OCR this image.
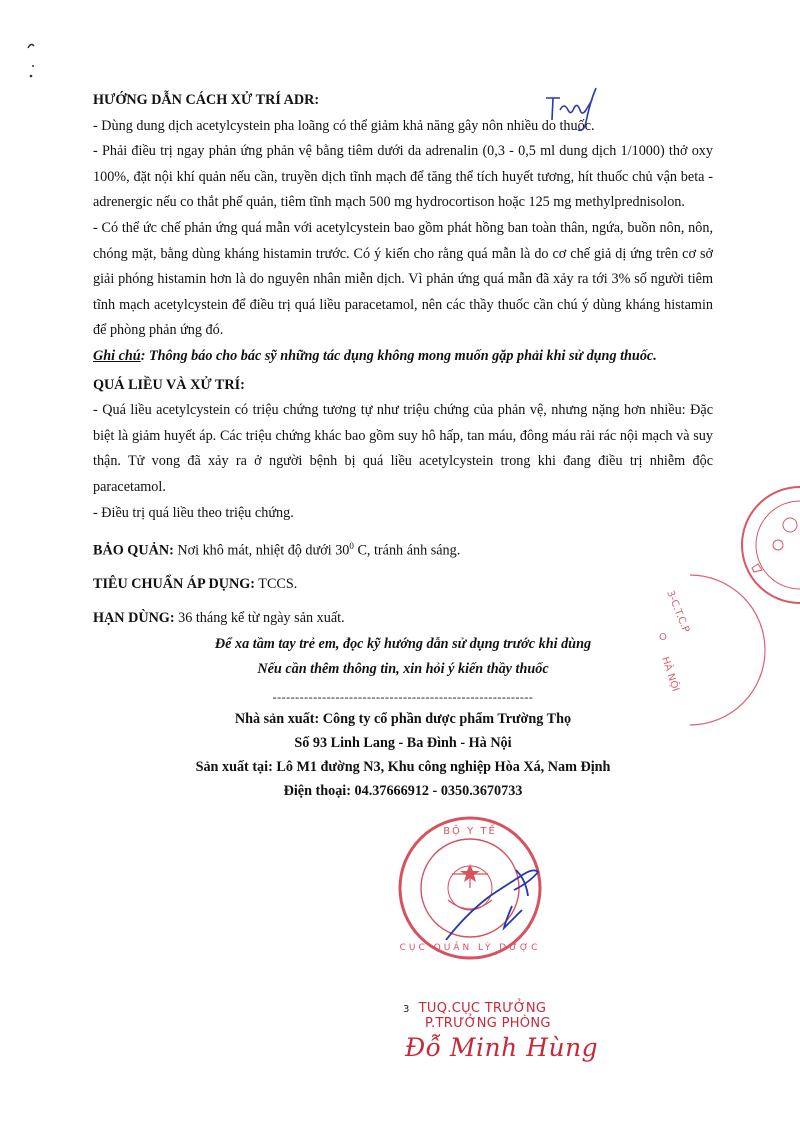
HƯỚNG DẪN CÁCH XỬ TRÍ ADR:

- Dùng dung dịch acetylcystein pha loãng có thể giảm khả năng gây nôn nhiều do thuốc.

- Phải điều trị ngay phản ứng phản vệ bằng tiêm dưới da adrenalin (0,3 - 0,5 ml dung dịch 1/1000) thở oxy 100%, đặt nội khí quản nếu cần, truyền dịch tĩnh mạch để tăng thể tích huyết tương, hít thuốc chủ vận beta - adrenergic nếu co thắt phế quản, tiêm tĩnh mạch 500 mg hydrocortison hoặc 125 mg methylprednisolon.

- Có thể ức chế phản ứng quá mẫn với acetylcystein bao gồm phát hồng ban toàn thân, ngứa, buồn nôn, nôn, chóng mặt, bằng dùng kháng histamin trước. Có ý kiến cho rằng quá mẫn là do cơ chế giả dị ứng trên cơ sở giải phóng histamin hơn là do nguyên nhân miễn dịch. Vì phản ứng quá mẫn đã xảy ra tới 3% số người tiêm tĩnh mạch acetylcystein để điều trị quá liều paracetamol, nên các thầy thuốc cần chú ý dùng kháng histamin để phòng phản ứng đó.

Ghi chú: Thông báo cho bác sỹ những tác dụng không mong muốn gặp phải khi sử dụng thuốc.

QUÁ LIỀU VÀ XỬ TRÍ:

- Quá liều acetylcystein có triệu chứng tương tự như triệu chứng của phản vệ, nhưng nặng hơn nhiều: Đặc biệt là giảm huyết áp. Các triệu chứng khác bao gồm suy hô hấp, tan máu, đông máu rải rác nội mạch và suy thận. Tử vong đã xảy ra ở người bệnh bị quá liều acetylcystein trong khi đang điều trị nhiễm độc paracetamol.

- Điều trị quá liều theo triệu chứng.

BẢO QUẢN: Nơi khô mát, nhiệt độ dưới $30^0$ C, tránh ánh sáng.

TIÊU CHUẨN ÁP DỤNG: TCCS.

HẠN DÙNG: 36 tháng kể từ ngày sản xuất.

Để xa tầm tay trẻ em, đọc kỹ hướng dẫn sử dụng trước khi dùng

Nếu cần thêm thông tin, xin hỏi ý kiến thầy thuốc

----------------------------------------------------------

Nhà sản xuất: Công ty cổ phần dược phẩm Trường Thọ

Số 93 Linh Lang - Ba Đình - Hà Nội

Sản xuất tại: Lô M1 đường N3, Khu công nghiệp Hòa Xá, Nam Định

Điện thoại: 04.37666912 - 0350.3670733

3-C.T.C.P
HÀ NỘI
O
BỘ Y TẾ
CỤC QUẢN LÝ DƯỢC
3 TUQ.CỤC TRƯỞNG
P.TRƯỞNG PHÒNG
Đỗ Minh Hùng
